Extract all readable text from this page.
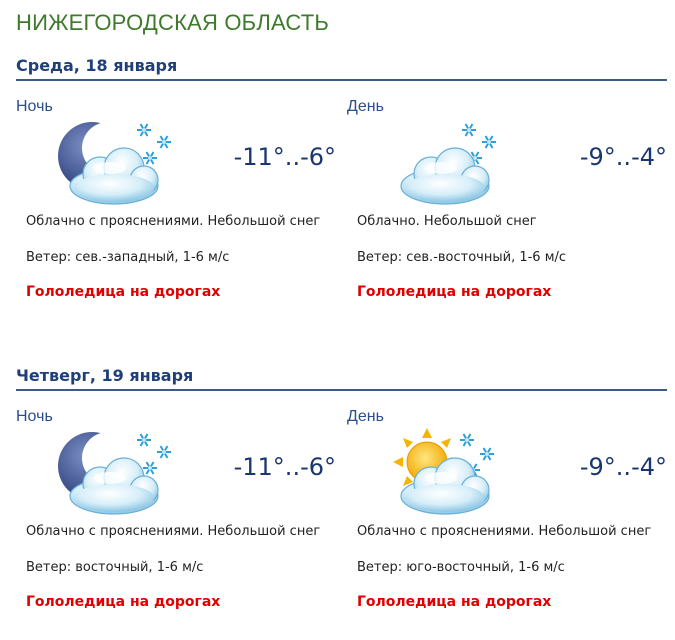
НИЖЕГОРОДСКАЯ ОБЛАСТЬ
Среда, 18 января
Ночь
-11°..-6°
Облачно с прояснениями. Небольшой снег
Ветер: сев.-западный, 1-6 м/с
Гололедица на дорогах
День
-9°..-4°
Облачно. Небольшой снег
Ветер: сев.-восточный, 1-6 м/с
Гололедица на дорогах
Четверг, 19 января
Ночь
-11°..-6°
Облачно с прояснениями. Небольшой снег
Ветер: восточный, 1-6 м/с
Гололедица на дорогах
День
-9°..-4°
Облачно с прояснениями. Небольшой снег
Ветер: юго-восточный, 1-6 м/с
Гололедица на дорогах
